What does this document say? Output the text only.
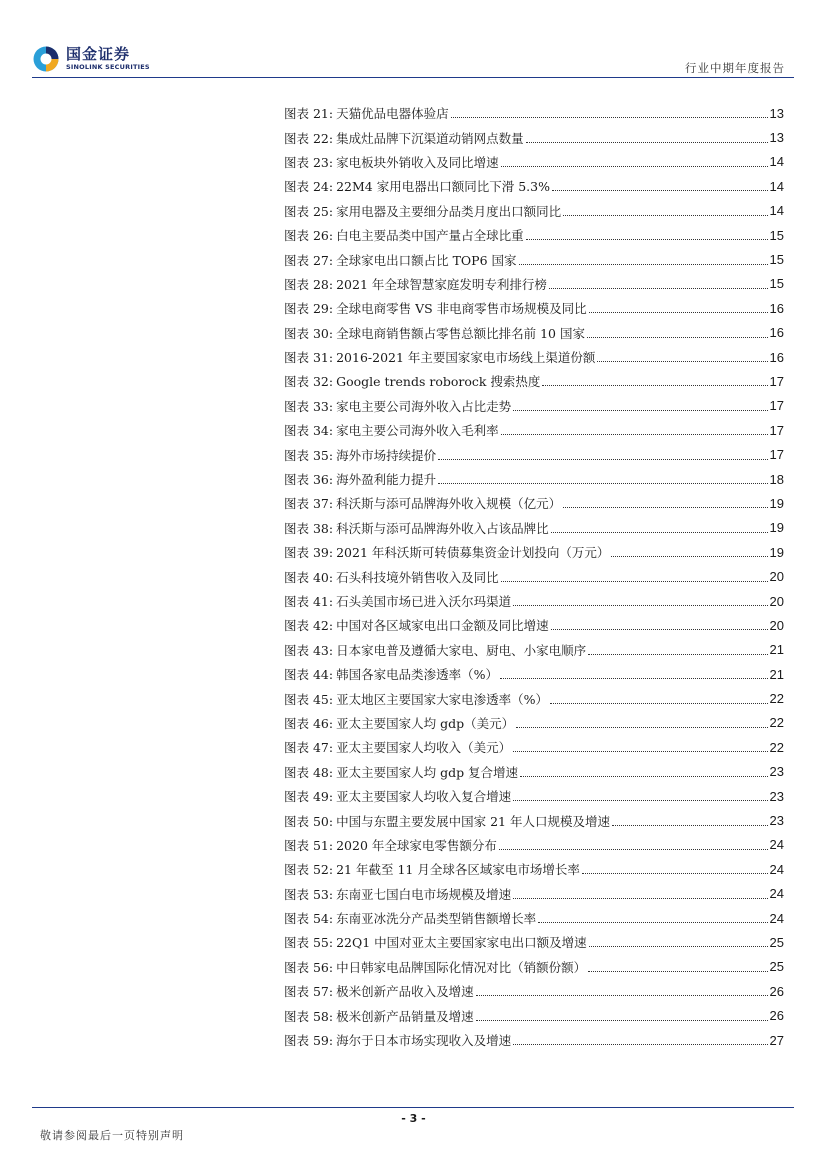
国金证券
SINOLINK SECURITIES	行业中期年度报告
图表 21: 天猫优品电器体验店	13
图表 22: 集成灶品牌下沉渠道动销网点数量	13
图表 23: 家电板块外销收入及同比增速	14
图表 24: 22M4 家用电器出口额同比下滑 5.3%	14
图表 25: 家用电器及主要细分品类月度出口额同比	14
图表 26: 白电主要品类中国产量占全球比重	15
图表 27: 全球家电出口额占比 TOP6 国家	15
图表 28: 2021 年全球智慧家庭发明专利排行榜	15
图表 29: 全球电商零售 VS 非电商零售市场规模及同比	16
图表 30: 全球电商销售额占零售总额比排名前 10 国家	16
图表 31: 2016-2021 年主要国家家电市场线上渠道份额	16
图表 32: Google trends roborock 搜索热度	17
图表 33: 家电主要公司海外收入占比走势	17
图表 34: 家电主要公司海外收入毛利率	17
图表 35: 海外市场持续提价	17
图表 36: 海外盈利能力提升	18
图表 37: 科沃斯与添可品牌海外收入规模（亿元）	19
图表 38: 科沃斯与添可品牌海外收入占该品牌比	19
图表 39: 2021 年科沃斯可转债募集资金计划投向（万元）	19
图表 40: 石头科技境外销售收入及同比	20
图表 41: 石头美国市场已进入沃尔玛渠道	20
图表 42: 中国对各区域家电出口金额及同比增速	20
图表 43: 日本家电普及遵循大家电、厨电、小家电顺序	21
图表 44: 韩国各家电品类渗透率（%）	21
图表 45: 亚太地区主要国家大家电渗透率（%）	22
图表 46: 亚太主要国家人均 gdp（美元）	22
图表 47: 亚太主要国家人均收入（美元）	22
图表 48: 亚太主要国家人均 gdp 复合增速	23
图表 49: 亚太主要国家人均收入复合增速	23
图表 50: 中国与东盟主要发展中国家 21 年人口规模及增速	23
图表 51: 2020 年全球家电零售额分布	24
图表 52: 21 年截至 11 月全球各区域家电市场增长率	24
图表 53: 东南亚七国白电市场规模及增速	24
图表 54: 东南亚冰洗分产品类型销售额增长率	24
图表 55: 22Q1 中国对亚太主要国家家电出口额及增速	25
图表 56: 中日韩家电品牌国际化情况对比（销额份额）	25
图表 57: 极米创新产品收入及增速	26
图表 58: 极米创新产品销量及增速	26
图表 59: 海尔于日本市场实现收入及增速	27
- 3 -
敬请参阅最后一页特别声明
